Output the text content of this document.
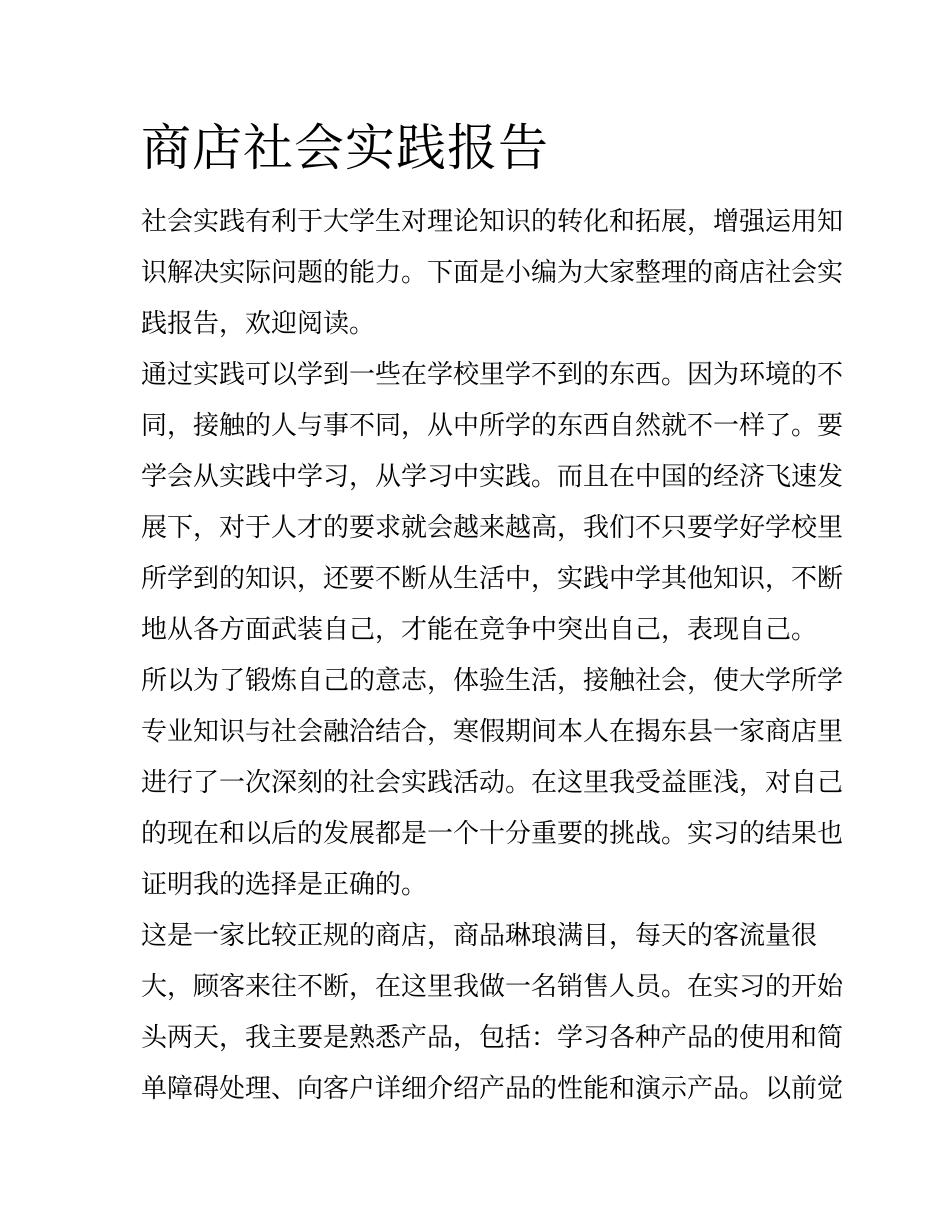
商店社会实践报告
社会实践有利于大学生对理论知识的转化和拓展，增强运用知
识解决实际问题的能力。下面是小编为大家整理的商店社会实
践报告，欢迎阅读。
通过实践可以学到一些在学校里学不到的东西。因为环境的不
同，接触的人与事不同，从中所学的东西自然就不一样了。要
学会从实践中学习，从学习中实践。而且在中国的经济飞速发
展下，对于人才的要求就会越来越高，我们不只要学好学校里
所学到的知识，还要不断从生活中，实践中学其他知识，不断
地从各方面武装自己，才能在竞争中突出自己，表现自己。
所以为了锻炼自己的意志，体验生活，接触社会，使大学所学
专业知识与社会融洽结合，寒假期间本人在揭东县一家商店里
进行了一次深刻的社会实践活动。在这里我受益匪浅，对自己
的现在和以后的发展都是一个十分重要的挑战。实习的结果也
证明我的选择是正确的。
这是一家比较正规的商店，商品琳琅满目，每天的客流量很
大，顾客来往不断，在这里我做一名销售人员。在实习的开始
头两天，我主要是熟悉产品，包括：学习各种产品的使用和简
单障碍处理、向客户详细介绍产品的性能和演示产品。以前觉
